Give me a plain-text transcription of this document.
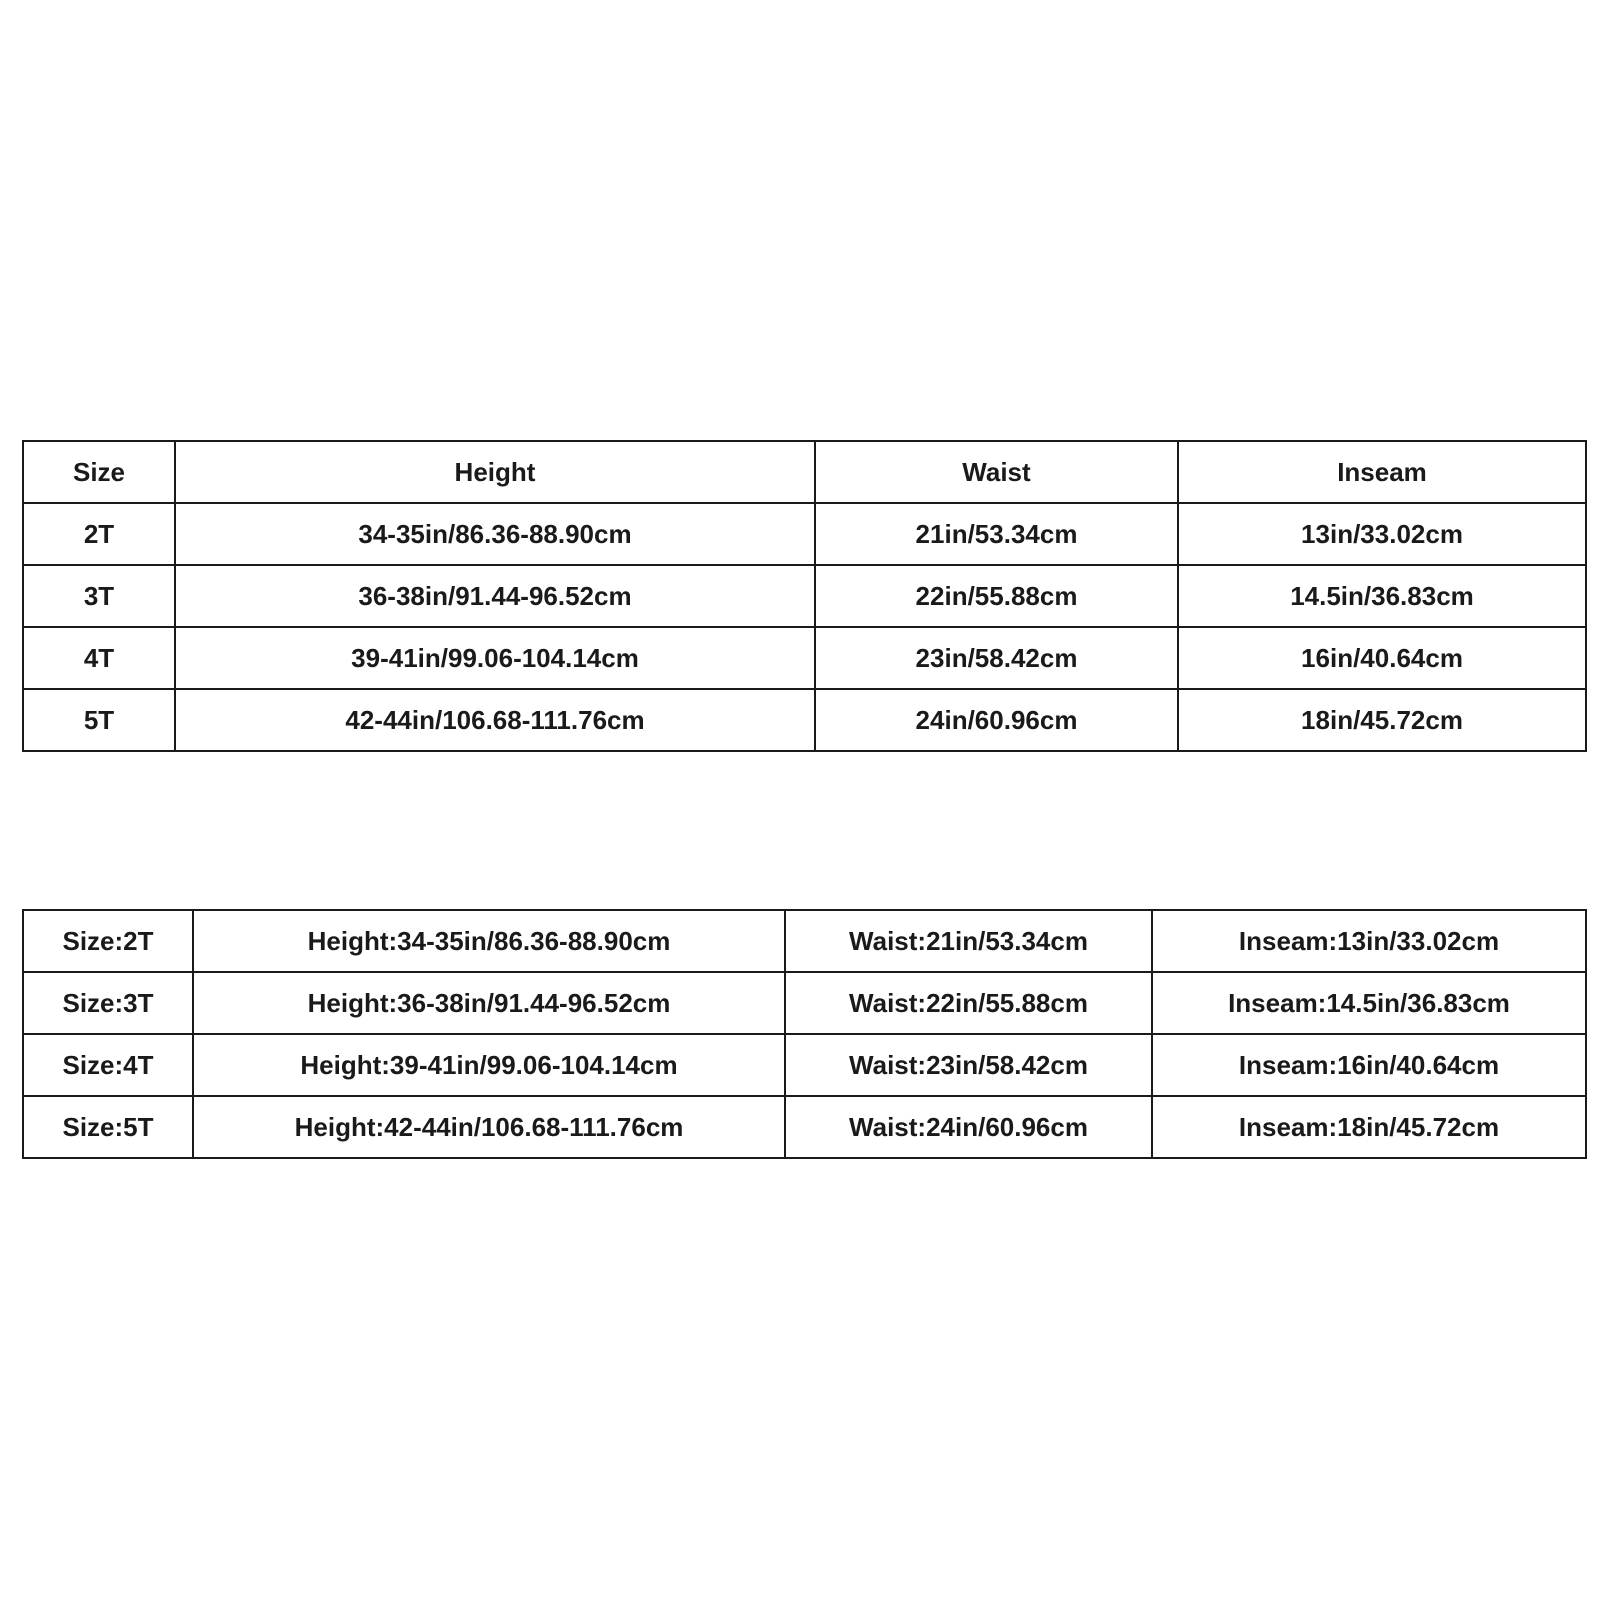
Size	Height	Waist	Inseam
2T	34-35in/86.36-88.90cm	21in/53.34cm	13in/33.02cm
3T	36-38in/91.44-96.52cm	22in/55.88cm	14.5in/36.83cm
4T	39-41in/99.06-104.14cm	23in/58.42cm	16in/40.64cm
5T	42-44in/106.68-111.76cm	24in/60.96cm	18in/45.72cm
Size:2T	Height:34-35in/86.36-88.90cm	Waist:21in/53.34cm	Inseam:13in/33.02cm
Size:3T	Height:36-38in/91.44-96.52cm	Waist:22in/55.88cm	Inseam:14.5in/36.83cm
Size:4T	Height:39-41in/99.06-104.14cm	Waist:23in/58.42cm	Inseam:16in/40.64cm
Size:5T	Height:42-44in/106.68-111.76cm	Waist:24in/60.96cm	Inseam:18in/45.72cm
